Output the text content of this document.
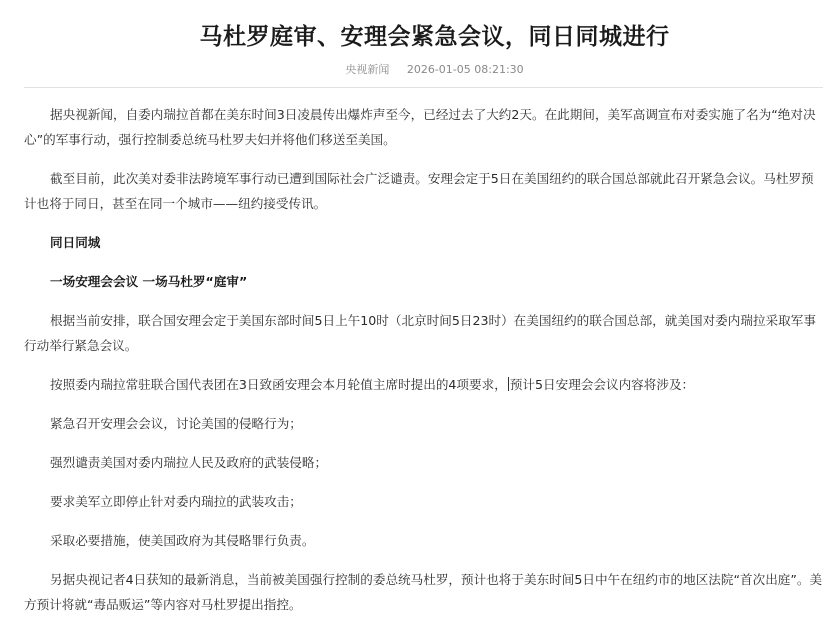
马杜罗庭审、安理会紧急会议，同日同城进行
央视新闻 2026-01-05 08:21:30

据央视新闻，自委内瑞拉首都在美东时间3日凌晨传出爆炸声至今，已经过去了大约2天。在此期间，美军高调宣布对委实施了名为“绝对决心”的军事行动，强行控制委总统马杜罗夫妇并将他们移送至美国。

截至目前，此次美对委非法跨境军事行动已遭到国际社会广泛谴责。安理会定于5日在美国纽约的联合国总部就此召开紧急会议。马杜罗预计也将于同日，甚至在同一个城市——纽约接受传讯。

同日同城

一场安理会会议 一场马杜罗“庭审”

根据当前安排，联合国安理会定于美国东部时间5日上午10时（北京时间5日23时）在美国纽约的联合国总部，就美国对委内瑞拉采取军事行动举行紧急会议。

按照委内瑞拉常驻联合国代表团在3日致函安理会本月轮值主席时提出的4项要求， 预计5日安理会会议内容将涉及：

紧急召开安理会会议，讨论美国的侵略行为；

强烈谴责美国对委内瑞拉人民及政府的武装侵略；

要求美军立即停止针对委内瑞拉的武装攻击；

采取必要措施，使美国政府为其侵略罪行负责。

另据央视记者4日获知的最新消息，当前被美国强行控制的委总统马杜罗，预计也将于美东时间5日中午在纽约市的地区法院“首次出庭”。美方预计将就“毒品贩运”等内容对马杜罗提出指控。
